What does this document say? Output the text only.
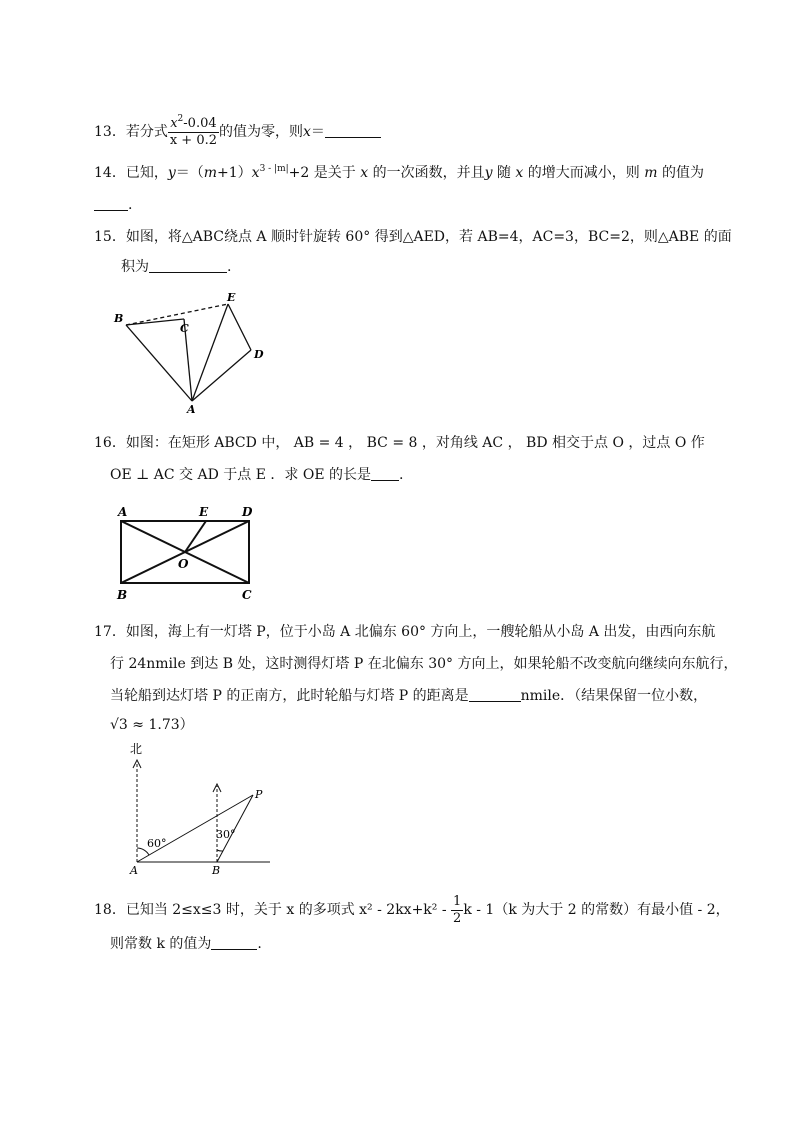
13．若分式 $\frac{x^2-0.04}{x + 0.2}$ 的值为零，则x＝
14．已知，$y=(m+1)x^{3 - |m|}+2$ 是关于 x 的一次函数，并且y 随 x 的增大而减小，则 m 的值为
.
15．如图，将△ABC绕点 A 顺时针旋转 60° 得到△AED，若 AB=4，AC=3，BC=2，则△ABE 的面
积为	.
B
C
E
D
A
16．如图：在矩形 ABCD 中， AB = 4 ， BC = 8 ，对角线 AC ， BD 相交于点 O ，过点 O 作
OE ⊥ AC 交 AD 于点 E ．求 OE 的长是 .
A	E	D
O
B	C
17．如图，海上有一灯塔 P，位于小岛 A 北偏东 60° 方向上，一艘轮船从小岛 A 出发，由西向东航
行 24nmile 到达 B 处，这时测得灯塔 P 在北偏东 30° 方向上，如果轮船不改变航向继续向东航行，
当轮船到达灯塔 P 的正南方，此时轮船与灯塔 P 的距离是	nmile．（结果保留一位小数，
√3 ≈ 1.73）
北
60°
30°
A	B
P
18．已知当 2≤x≤3 时，关于 x 的多项式 $x^2 - 2kx+k^2 - \frac{1}{2}$ k - 1（k 为大于 2 的常数）有最小值 - 2，
则常数 k 的值为	.
